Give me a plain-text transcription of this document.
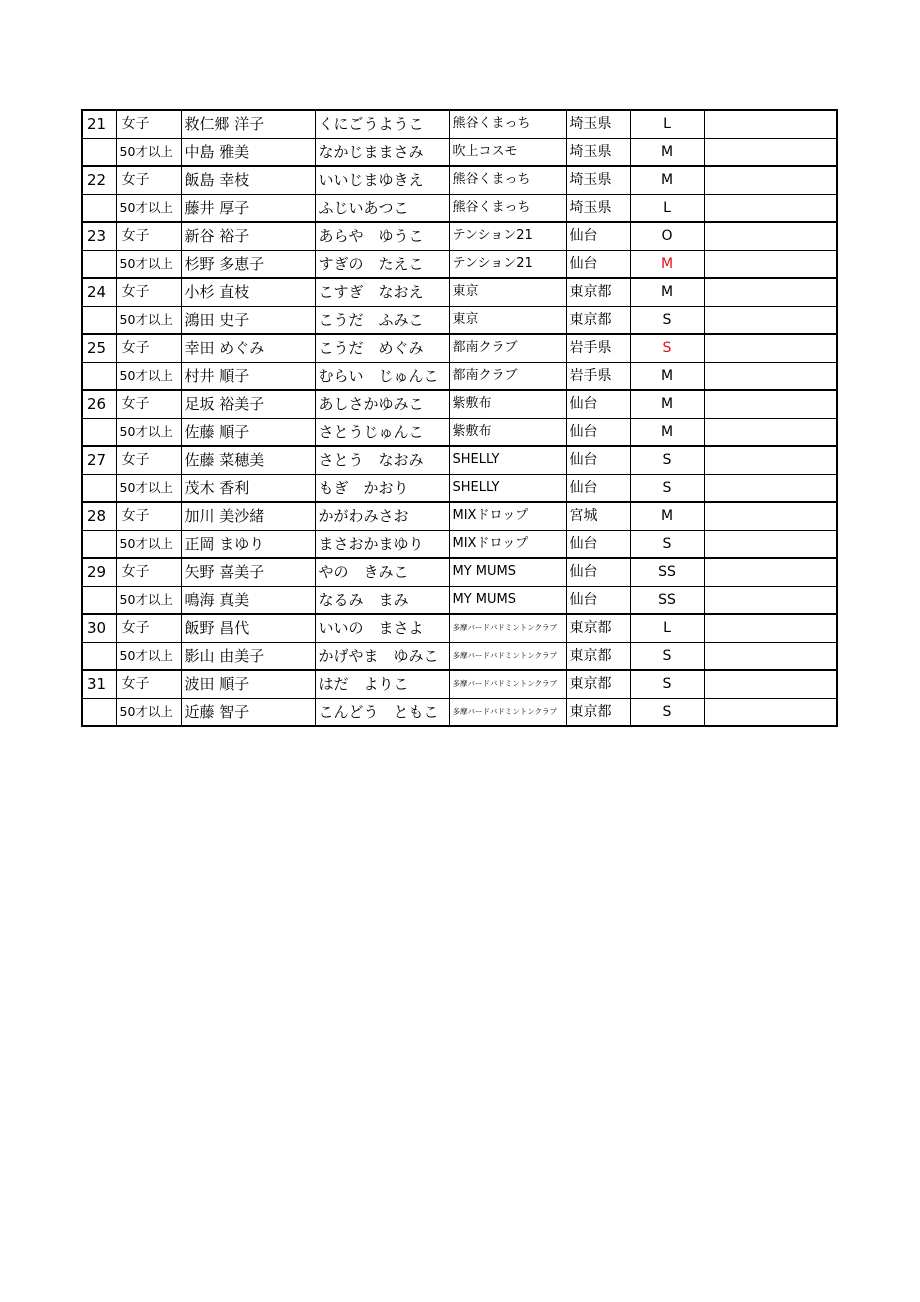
21	女子	救仁郷 洋子	くにごうようこ	熊谷くまっち	埼玉県	L	
	50才以上	中島 雅美	なかじままさみ	吹上コスモ	埼玉県	M	
22	女子	飯島 幸枝	いいじまゆきえ	熊谷くまっち	埼玉県	M	
	50才以上	藤井 厚子	ふじいあつこ	熊谷くまっち	埼玉県	L	
23	女子	新谷 裕子	あらや　ゆうこ	テンション21	仙台	O	
	50才以上	杉野 多恵子	すぎの　たえこ	テンション21	仙台	M	
24	女子	小杉 直枝	こすぎ　なおえ	東京	東京都	M	
	50才以上	鴻田 史子	こうだ　ふみこ	東京	東京都	S	
25	女子	幸田 めぐみ	こうだ　めぐみ	都南クラブ	岩手県	S	
	50才以上	村井 順子	むらい　じゅんこ	都南クラブ	岩手県	M	
26	女子	足坂 裕美子	あしさかゆみこ	紫敷布	仙台	M	
	50才以上	佐藤 順子	さとうじゅんこ	紫敷布	仙台	M	
27	女子	佐藤 菜穂美	さとう　なおみ	SHELLY	仙台	S	
	50才以上	茂木 香利	もぎ　かおり	SHELLY	仙台	S	
28	女子	加川 美沙緒	かがわみさお	MIXドロップ	宮城	M	
	50才以上	正岡 まゆり	まさおかまゆり	MIXドロップ	仙台	S	
29	女子	矢野 喜美子	やの　きみこ	MY MUMS	仙台	SS	
	50才以上	鳴海 真美	なるみ　まみ	MY MUMS	仙台	SS	
30	女子	飯野 昌代	いいの　まさよ	多摩バードバドミントンクラブ	東京都	L	
	50才以上	影山 由美子	かげやま　ゆみこ	多摩バードバドミントンクラブ	東京都	S	
31	女子	波田 順子	はだ　よりこ	多摩バードバドミントンクラブ	東京都	S	
	50才以上	近藤 智子	こんどう　ともこ	多摩バードバドミントンクラブ	東京都	S	
